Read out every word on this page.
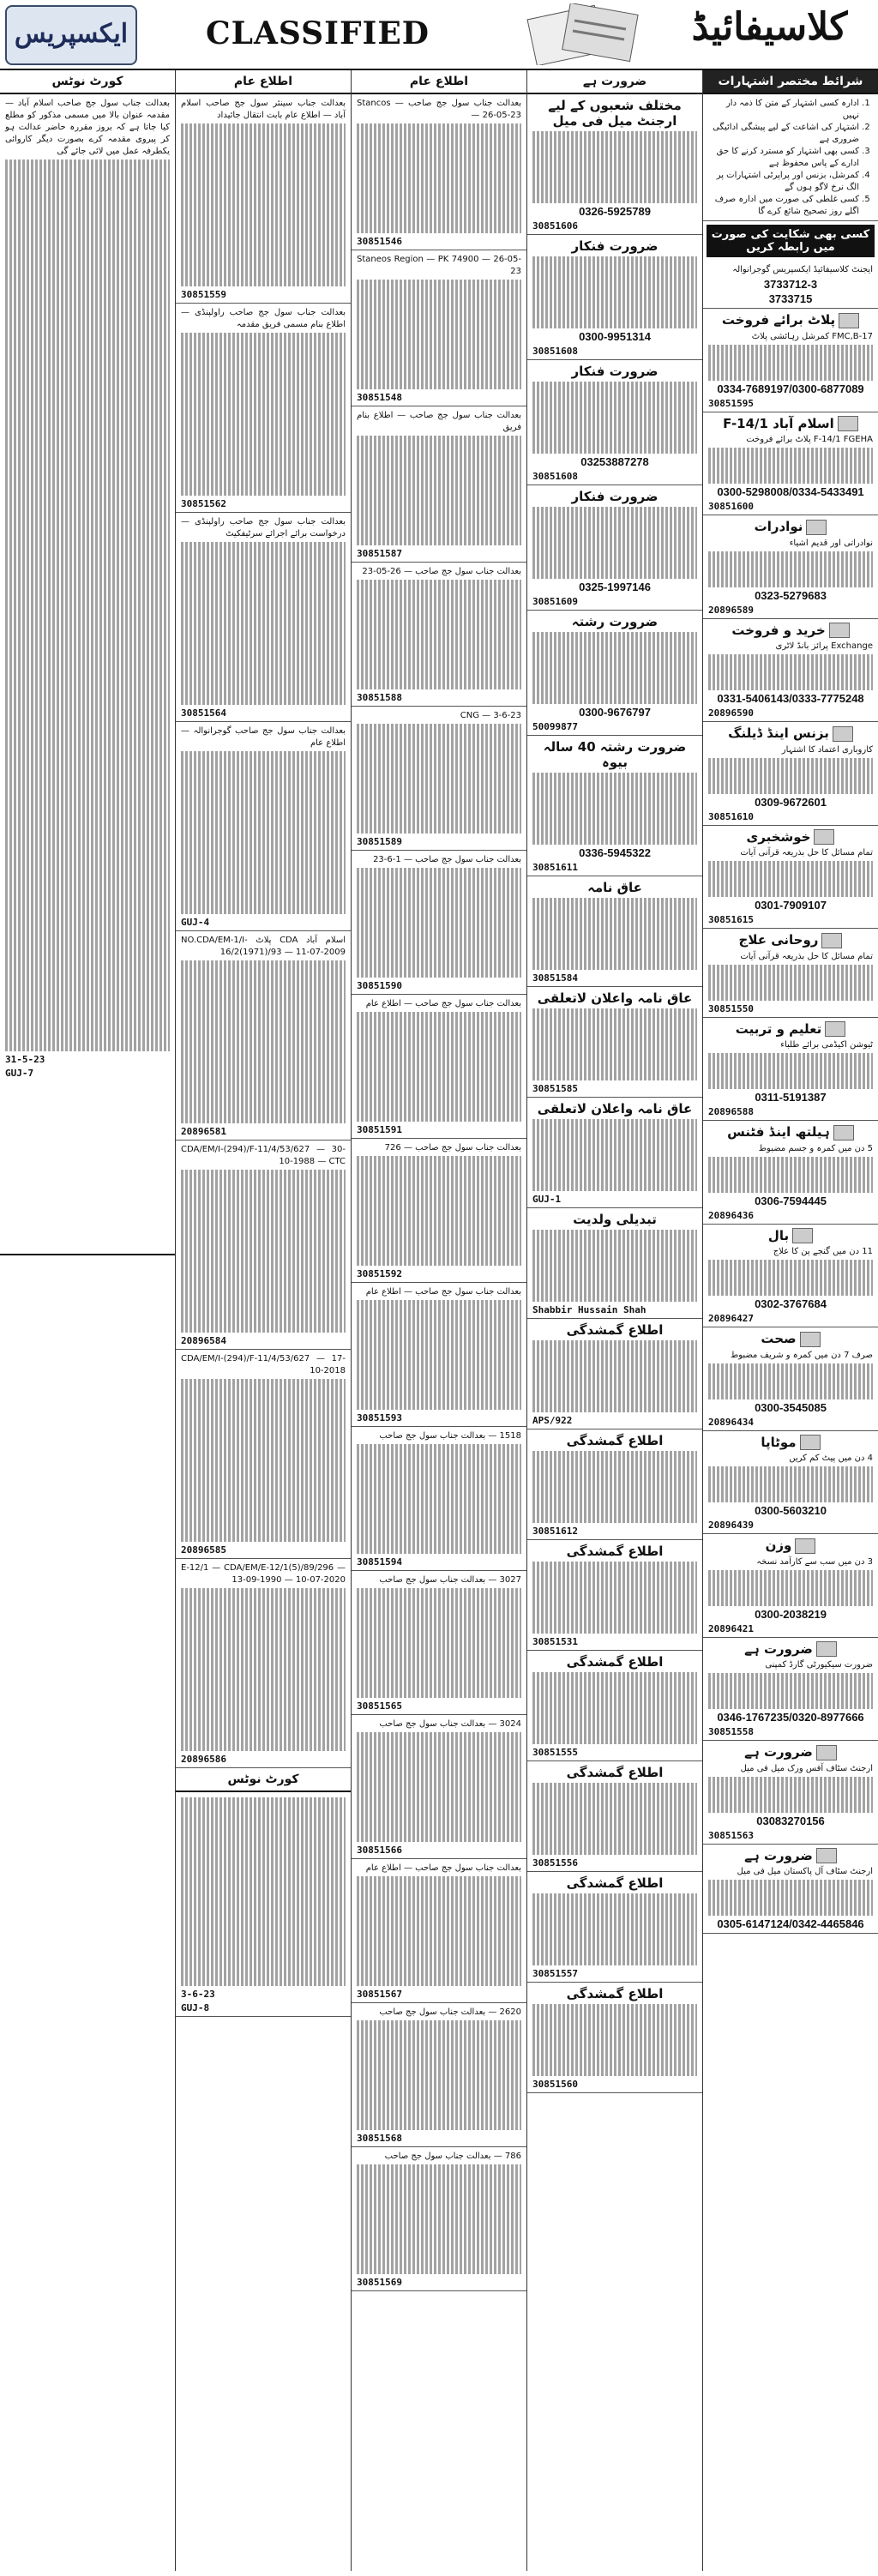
ایکسپریس	CLASSIFIED	کلاسیفائیڈ
کورٹ نوٹس

بعدالت جناب سول جج صاحب اسلام آباد — مقدمہ عنوان بالا میں مسمی مذکور کو مطلع کیا جاتا ہے کہ بروز مقررہ حاضر عدالت ہو کر پیروی مقدمہ کرے بصورت دیگر کاروائی یکطرفہ عمل میں لائی جائے گی

31-5-23
GUJ-7
اطلاع عام

بعدالت جناب سینئر سول جج صاحب اسلام آباد — اطلاع عام بابت انتقال جائیداد

30851559

بعدالت جناب سول جج صاحب راولپنڈی — اطلاع بنام مسمی فریق مقدمہ

30851562

بعدالت جناب سول جج صاحب راولپنڈی — درخواست برائے اجرائے سرٹیفکیٹ

30851564

بعدالت جناب سول جج صاحب گوجرانوالہ — اطلاع عام

GUJ-4

اسلام آباد CDA پلاٹ NO.CDA/EM-1/I-16/2(1971)/93 — 11-07-2009

20896581

CDA/EM/I-(294)/F-11/4/53/627 — 30-10-1988 — CTC

20896584

CDA/EM/I-(294)/F-11/4/53/627 — 17-10-2018

20896585

E-12/1 — CDA/EM/E-12/1(5)/89/296 — 13-09-1990 — 10-07-2020

20896586
کورٹ نوٹس
3-6-23
GUJ-8
اطلاع عام

بعدالت جناب سول جج صاحب — Stancos — 26-05-23

30851546

Staneos Region — PK 74900 — 26-05-23

30851548

بعدالت جناب سول جج صاحب — اطلاع بنام فریق

30851587

بعدالت جناب سول جج صاحب — 26-05-23

30851588

CNG — 3-6-23

30851589

بعدالت جناب سول جج صاحب — 1-6-23

30851590

بعدالت جناب سول جج صاحب — اطلاع عام

30851591

بعدالت جناب سول جج صاحب — 726

30851592

بعدالت جناب سول جج صاحب — اطلاع عام

30851593

1518 — بعدالت جناب سول جج صاحب

30851594

3027 — بعدالت جناب سول جج صاحب

30851565

3024 — بعدالت جناب سول جج صاحب

30851566

بعدالت جناب سول جج صاحب — اطلاع عام

30851567

2620 — بعدالت جناب سول جج صاحب

30851568

786 — بعدالت جناب سول جج صاحب

30851569
ضرورت ہے
مختلف شعبوں کے لیے ارجنٹ میل فی میل
0326-5925789
30851606
ضرورت فنکار
0300-9951314
30851608
ضرورت فنکار
03253887278
30851608
ضرورت فنکار
0325-1997146
30851609
ضرورت رشتہ
0300-9676797
50099877
ضرورت رشتہ 40 سالہ بیوہ
0336-5945322
30851611
عاق نامہ
30851584
عاق نامہ واعلان لاتعلقی
30851585
عاق نامہ واعلان لاتعلقی
GUJ-1
تبدیلی ولدیت
Shabbir Hussain Shah
اطلاع گمشدگی
APS/922
اطلاع گمشدگی
30851612
اطلاع گمشدگی
30851531
اطلاع گمشدگی
30851555
اطلاع گمشدگی
30851556
اطلاع گمشدگی
30851557
اطلاع گمشدگی
30851560
شرائط مختصر اشتہارات
1. ادارہ کسی اشتہار کے متن کا ذمہ دار نہیں
2. اشتہار کی اشاعت کے لیے پیشگی ادائیگی ضروری ہے
3. کسی بھی اشتہار کو مسترد کرنے کا حق ادارے کے پاس محفوظ ہے
4. کمرشل، بزنس اور پراپرٹی اشتہارات پر الگ نرخ لاگو ہوں گے
5. کسی غلطی کی صورت میں ادارہ صرف اگلے روز تصحیح شائع کرے گا
کسی بھی شکایت کی صورت میں رابطہ کریں

ایجنٹ کلاسیفائیڈ ایکسپریس گوجرانوالہ

3733712-3
3733715
پلاٹ برائے فروخت

FMC,B-17 کمرشل رہائشی پلاٹ

0334-7689197/0300-6877089
30851595
اسلام آباد F-14/1

F-14/1 FGEHA پلاٹ برائے فروخت

0300-5298008/0334-5433491
30851600
نوادرات

نوادراتی اور قدیم اشیاء

0323-5279683
20896589
خرید و فروخت

Exchange پرائز بانڈ لاٹری

0331-5406143/0333-7775248
20896590
بزنس اینڈ ڈیلنگ

کاروباری اعتماد کا اشتہار

0309-9672601
30851610
خوشخبری

تمام مسائل کا حل بذریعہ قرآنی آیات

0301-7909107
30851615
روحانی علاج

تمام مسائل کا حل بذریعہ قرآنی آیات

30851550
تعلیم و تربیت

ٹیوشن اکیڈمی برائے طلباء

0311-5191387
20896588
ہیلتھ اینڈ فٹنس

5 دن میں کمرہ و جسم مضبوط

0306-7594445
20896436
بال

11 دن میں گنجے پن کا علاج

0302-3767684
20896427
صحت

صرف 7 دن میں کمرہ و شریف مضبوط

0300-3545085
20896434
موٹاپا

4 دن میں پیٹ کم کریں

0300-5603210
20896439
وزن

3 دن میں سب سے کارآمد نسخہ

0300-2038219
20896421
ضرورت ہے

ضرورت سیکیورٹی گارڈ کمپنی

0346-1767235/0320-8977666
30851558
ضرورت ہے

ارجنٹ سٹاف آفس ورک میل فی میل

03083270156
30851563
ضرورت ہے

ارجنٹ سٹاف آل پاکستان میل فی میل

0305-6147124/0342-4465846
